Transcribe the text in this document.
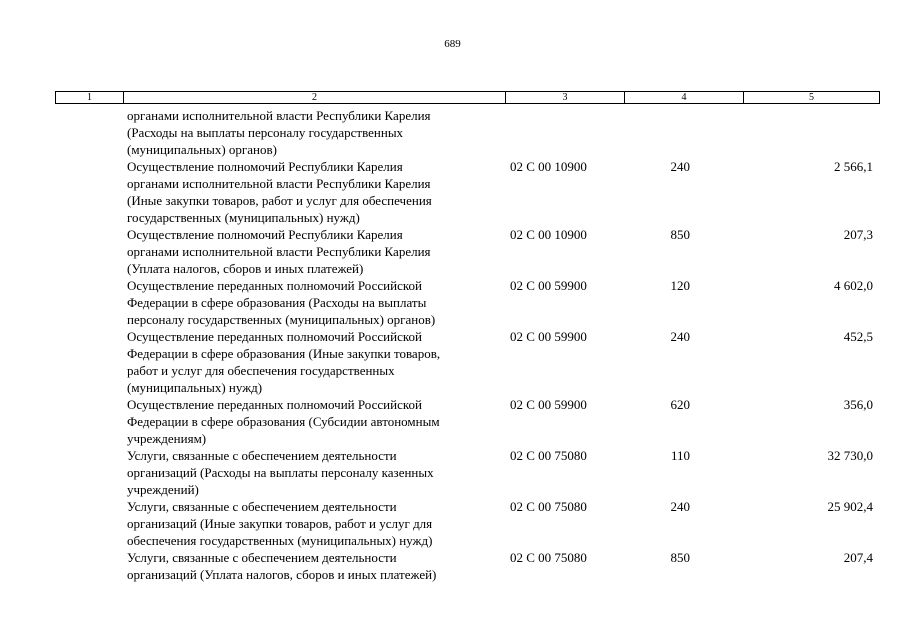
689
1	2	3	4	5
органами исполнительной власти Республики Карелия
(Расходы на выплаты персоналу государственных
(муниципальных) органов)
Осуществление полномочий Республики Карелия
органами исполнительной власти Республики Карелия
(Иные закупки товаров, работ и услуг для обеспечения
государственных (муниципальных) нужд)
02 С 00 10900	240	2 566,1
Осуществление полномочий Республики Карелия
органами исполнительной власти Республики Карелия
(Уплата налогов, сборов и иных платежей)
02 С 00 10900	850	207,3
Осуществление переданных полномочий Российской
Федерации в сфере образования (Расходы на выплаты
персоналу государственных (муниципальных) органов)
02 С 00 59900	120	4 602,0
Осуществление переданных полномочий Российской
Федерации в сфере образования (Иные закупки товаров,
работ и услуг для обеспечения государственных
(муниципальных) нужд)
02 С 00 59900	240	452,5
Осуществление переданных полномочий Российской
Федерации в сфере образования (Субсидии автономным
учреждениям)
02 С 00 59900	620	356,0
Услуги, связанные с обеспечением деятельности
организаций (Расходы на выплаты персоналу казенных
учреждений)
02 С 00 75080	110	32 730,0
Услуги, связанные с обеспечением деятельности
организаций (Иные закупки товаров, работ и услуг для
обеспечения государственных (муниципальных) нужд)
02 С 00 75080	240	25 902,4
Услуги, связанные с обеспечением деятельности
организаций (Уплата налогов, сборов и иных платежей)
02 С 00 75080	850	207,4
